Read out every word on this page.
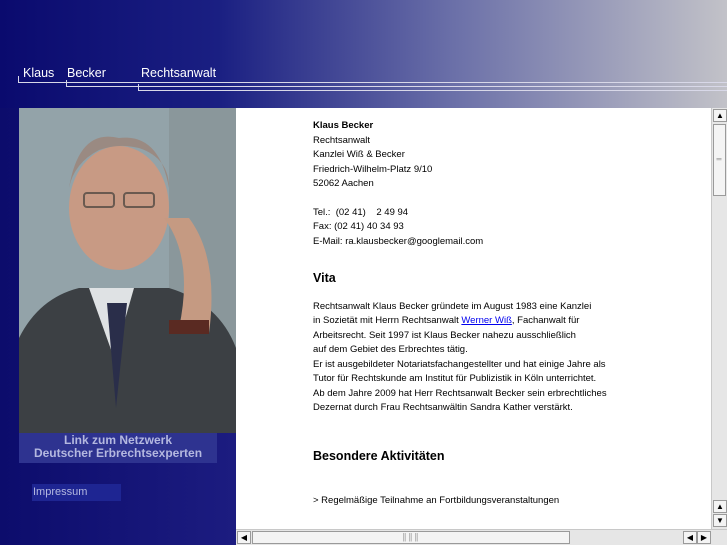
Klaus Becker	Rechtsanwalt
Link zum Netzwerk
Deutscher Erbrechtsexperten
Impressum
Klaus Becker
Rechtsanwalt
Kanzlei Wiß & Becker
Friedrich-Wilhelm-Platz 9/10
52062 Aachen
Tel.:  (02 41)    2 49 94
Fax: (02 41) 40 34 93
E-Mail: ra.klausbecker@googlemail.com
Vita
Rechtsanwalt Klaus Becker gründete im August 1983 eine Kanzlei
in Sozietät mit Herrn Rechtsanwalt Werner Wiß, Fachanwalt für
Arbeitsrecht. Seit 1997 ist Klaus Becker nahezu ausschließlich
auf dem Gebiet des Erbrechtes tätig.
Er ist ausgebildeter Notariatsfachangestellter und hat einige Jahre als
Tutor für Rechtskunde am Institut für Publizistik in Köln unterrichtet.
Ab dem Jahre 2009 hat Herr Rechtsanwalt Becker sein erbrechtliches
Dezernat durch Frau Rechtsanwältin Sandra Kather verstärkt.
Besondere Aktivitäten
> Regelmäßige Teilnahme an Fortbildungsveranstaltungen
▲
═
▲
▼
◀	║║║	◀ ▶
